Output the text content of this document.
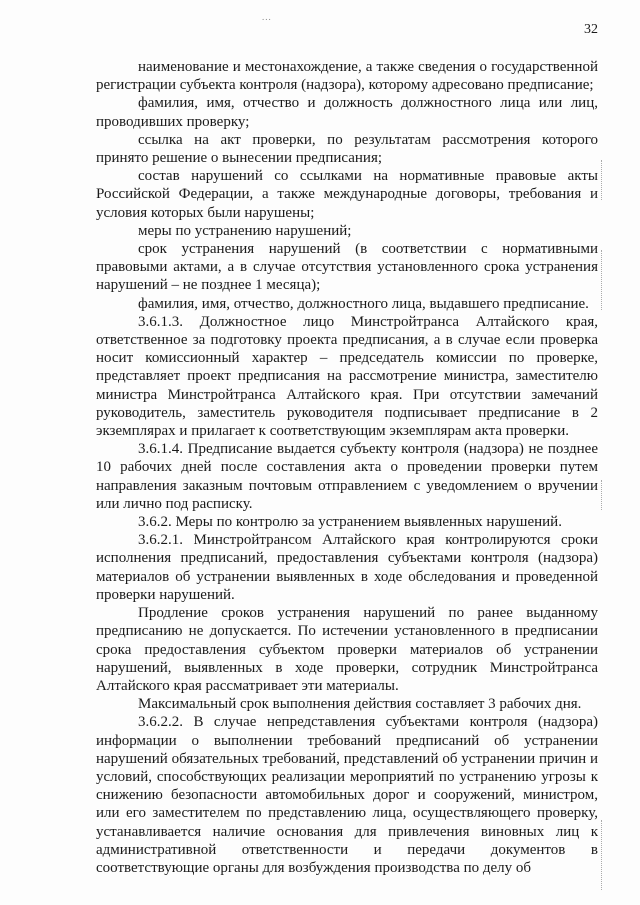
...
32

наименование и местонахождение, а также сведения о государственной регистрации субъекта контроля (надзора), которому адресовано предписание;

фамилия, имя, отчество и должность должностного лица или лиц, проводивших проверку;

ссылка на акт проверки, по результатам рассмотрения которого принято решение о вынесении предписания;

состав нарушений со ссылками на нормативные правовые акты Российской Федерации, а также международные договоры, требования и условия которых были нарушены;

меры по устранению нарушений;

срок устранения нарушений (в соответствии с нормативными правовыми актами, а в случае отсутствия установленного срока устранения нарушений – не позднее 1 месяца);

фамилия, имя, отчество, должностного лица, выдавшего предписание.

3.6.1.3. Должностное лицо Минстройтранса Алтайского края, ответственное за подготовку проекта предписания, а в случае если проверка носит комиссионный характер – председатель комиссии по проверке, представляет проект предписания на рассмотрение министра, заместителю министра Минстройтранса Алтайского края. При отсутствии замечаний руководитель, заместитель руководителя подписывает предписание в 2 экземплярах и прилагает к соответствующим экземплярам акта проверки.

3.6.1.4. Предписание выдается субъекту контроля (надзора) не позднее 10 рабочих дней после составления акта о проведении проверки путем направления заказным почтовым отправлением с уведомлением о вручении или лично под расписку.

3.6.2. Меры по контролю за устранением выявленных нарушений.

3.6.2.1. Минстройтрансом Алтайского края контролируются сроки исполнения предписаний, предоставления субъектами контроля (надзора) материалов об устранении выявленных в ходе обследования и проведенной проверки нарушений.

Продление сроков устранения нарушений по ранее выданному предписанию не допускается. По истечении установленного в предписании срока предоставления субъектом проверки материалов об устранении нарушений, выявленных в ходе проверки, сотрудник Минстройтранса Алтайского края рассматривает эти материалы.

Максимальный срок выполнения действия составляет 3 рабочих дня.

3.6.2.2. В случае непредставления субъектами контроля (надзора) информации о выполнении требований предписаний об устранении нарушений обязательных требований, представлений об устранении причин и условий, способствующих реализации мероприятий по устранению угрозы к снижению безопасности автомобильных дорог и сооружений, министром, или его заместителем по представлению лица, осуществляющего проверку, устанавливается наличие основания для привлечения виновных лиц к административной ответственности и передачи документов в соответствующие органы для возбуждения производства по делу об
